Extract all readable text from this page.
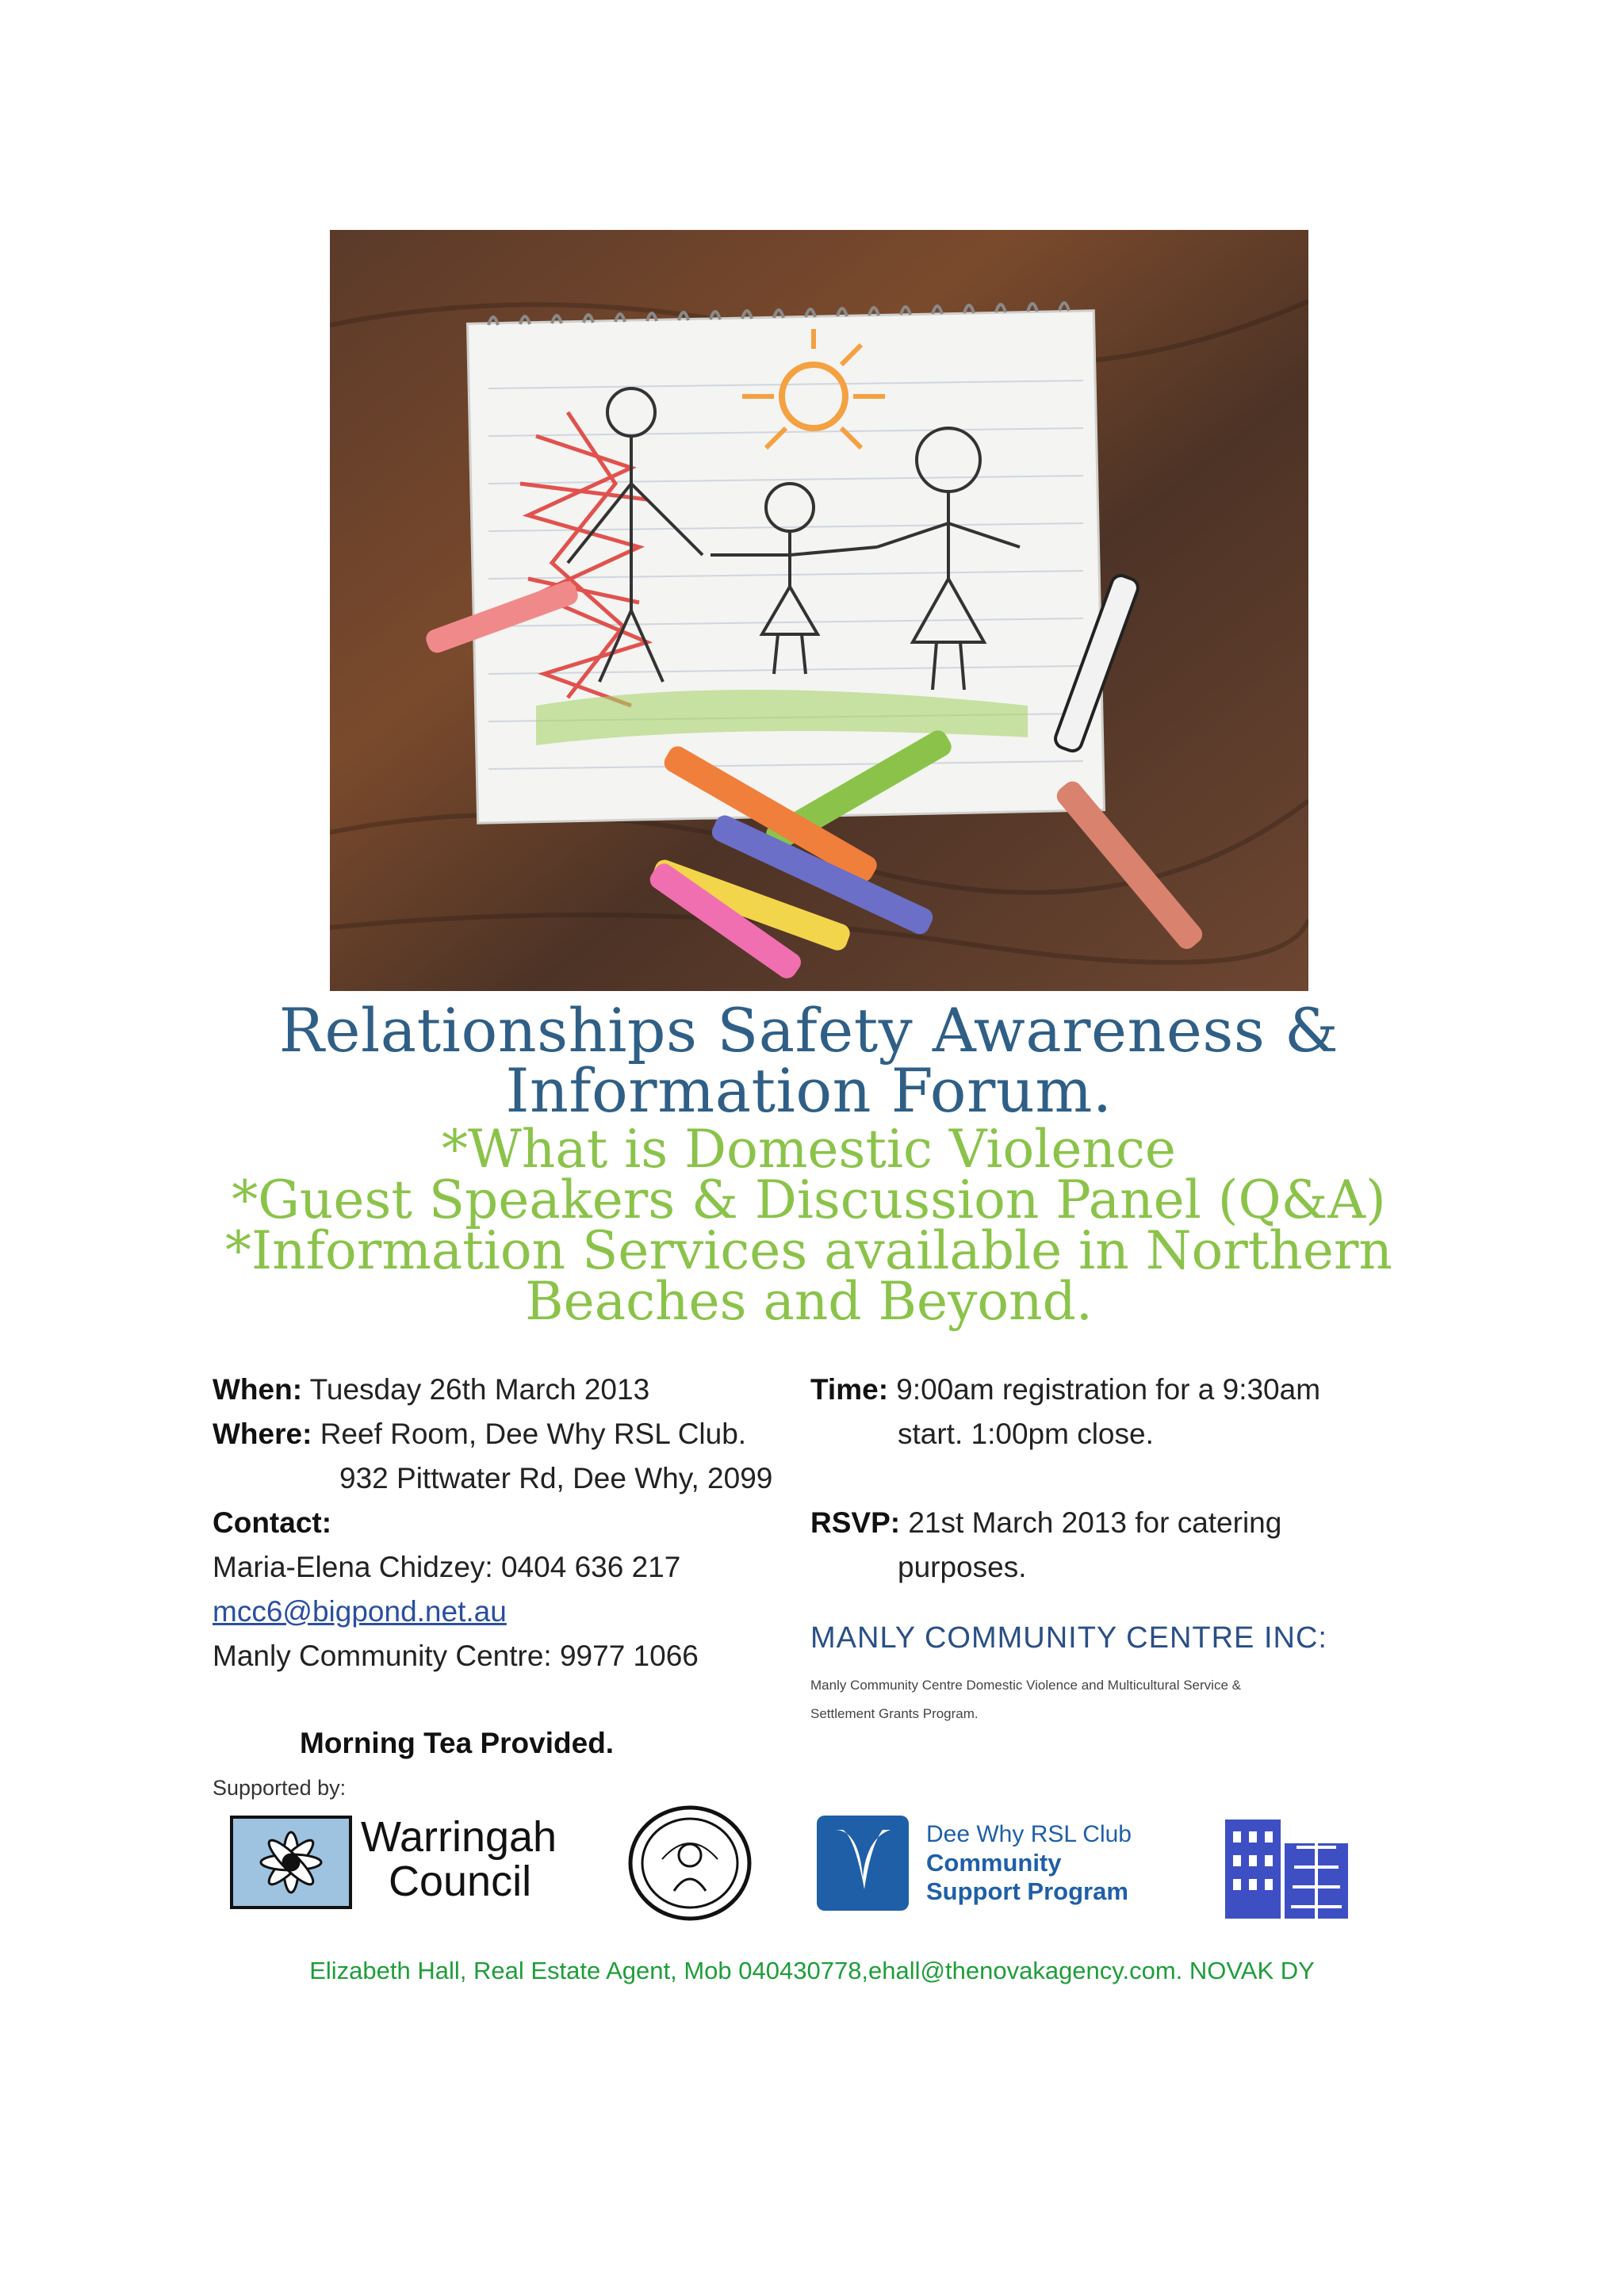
Relationships Safety Awareness &
Information Forum.
*What is Domestic Violence
*Guest Speakers & Discussion Panel (Q&A)
*Information Services available in Northern
Beaches and Beyond.
When: Tuesday 26th March 2013
Where: Reef Room, Dee Why RSL Club.
932 Pittwater Rd, Dee Why, 2099
Contact:
Maria-Elena Chidzey: 0404 636 217
mcc6@bigpond.net.au
Manly Community Centre: 9977 1066
Time: 9:00am registration for a 9:30am
start. 1:00pm close.
RSVP: 21st March 2013 for catering
purposes.
MANLY COMMUNITY CENTRE INC:
Manly Community Centre Domestic Violence and Multicultural Service &
Settlement Grants Program.
Morning Tea Provided.
Supported by:
Warringah
Council
Dee Why RSL Club
Community
Support Program
Elizabeth Hall, Real Estate Agent, Mob 040430778,ehall@thenovakagency.com. NOVAK DY
